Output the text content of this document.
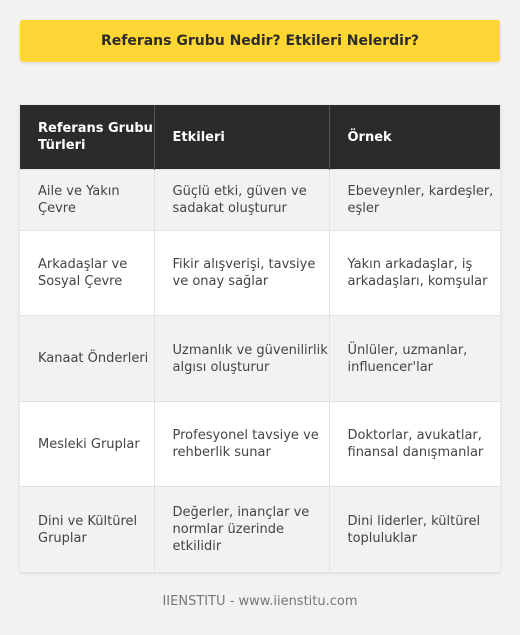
Referans Grubu Nedir? Etkileri Nelerdir?
Referans Grubu Türleri	Etkileri	Örnek
Aile ve Yakın Çevre	Güçlü etki, güven ve sadakat oluşturur	Ebeveynler, kardeşler, eşler
Arkadaşlar ve Sosyal Çevre	Fikir alışverişi, tavsiye ve onay sağlar	Yakın arkadaşlar, iş arkadaşları, komşular
Kanaat Önderleri	Uzmanlık ve güvenilirlik algısı oluşturur	Ünlüler, uzmanlar, influencer'lar
Mesleki Gruplar	Profesyonel tavsiye ve rehberlik sunar	Doktorlar, avukatlar, finansal danışmanlar
Dini ve Kültürel Gruplar	Değerler, inançlar ve normlar üzerinde etkilidir	Dini liderler, kültürel topluluklar
IIENSTITU - www.iienstitu.com
